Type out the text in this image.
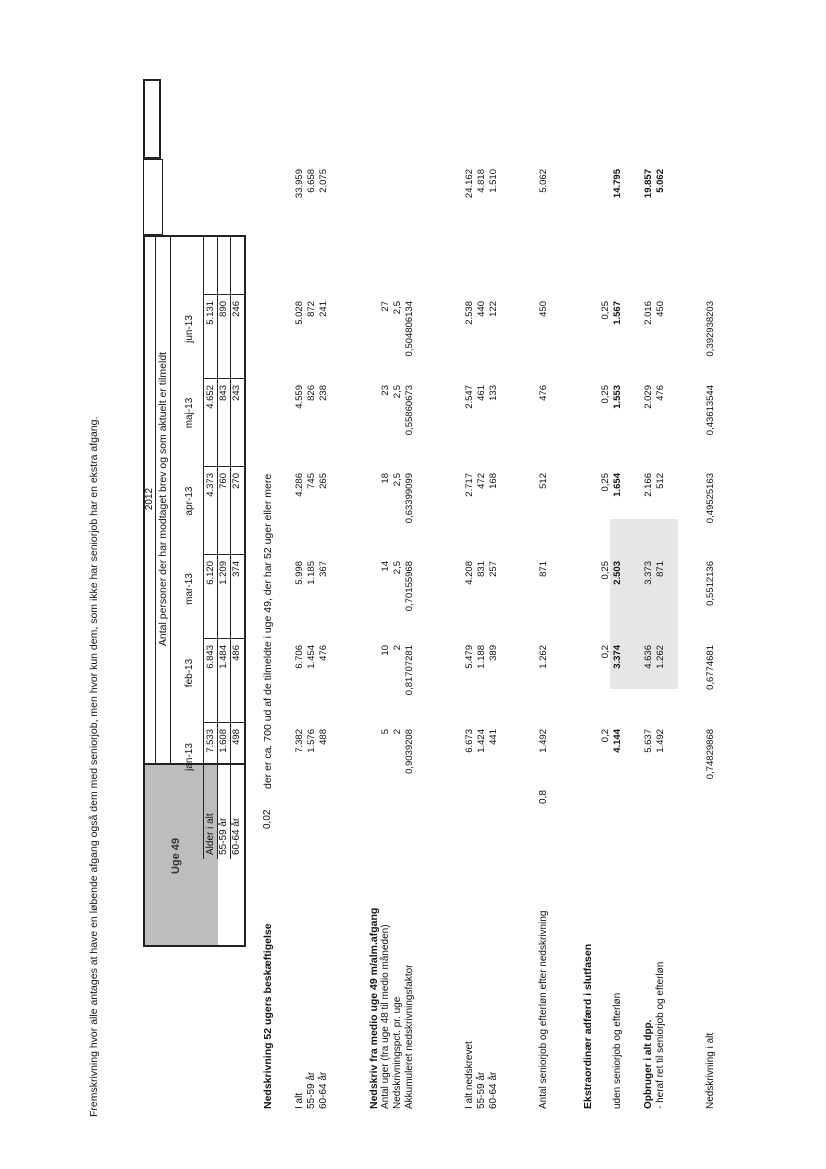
Fremskrivning hvor alle antages at have en løbende afgang også dem med seniorjob, men hvor kun dem, som ikke har seniorjob har en ekstra afgang.	Uge 49
2012 Antal personer der har modtaget brev og som aktuelt er tilmeldt
jan-13
feb-13
mar-13
apr-13
maj-13
jun-13
Alder i alt
7.533
6.843
6.120
4.373
4.652
5.131
55-59 år
1.608
1.484
1.209
760
843
890
60-64 år
498
486
374
270
243
246
Nedskrivning 52 ugers beskæftigelse
0,02
der er ca. 700 ud af de tilmeldte i uge 49, der har 52 uger eller mere
I alt
7.382
6.706
5.998
4.286
4.559
5.028
33.959
55-59 år
1.576
1.454
1.185
745
826
872
6.658
60-64 år
488
476
367
265
238
241
2.075
Nedskriv fra medio uge 49 m/alm.afgang Antal uger (fra uge 48 til medio måneden)
5
10
14
18
23
27
Nedskrivningspct. pr. uge
2
2
2,5
2,5
2,5
2,5
Akkumuleret nedskrivningsfaktor
0,9039208
0,81707281
0,70155968
0,63399099
0,55860673
0,504806134
I alt nedskrevet
6.673
5.479
4.208
2.717
2.547
2.538
24.162
55-59 år
1.424
1.188
831
472
461
440
4.818
60-64 år
441
389
257
168
133
122
1.510
Antal seniorjob og efterløn efter nedskrivning
0,8
1.492
1.262
871
512
476
450
5.062
Ekstraordinær adfærd i slutfasen uden seniorjob og efterløn Opbruger i alt dpp. - heraf ret til seniorjob og efterløn
0,2
0,2
0,25
0,25
0,25
0,25
4.144
3.374
2.503
1.654
1.553
1.567
14.795
5.637
4.636
3.373
2.166
2.029
2.016
19.857
1.492
1.262
871
512
476
450
5.062
Nedskrivning i alt
0,74829868
0,6774681
0,5512136
0,49525163
0,43613544
0,392938203
